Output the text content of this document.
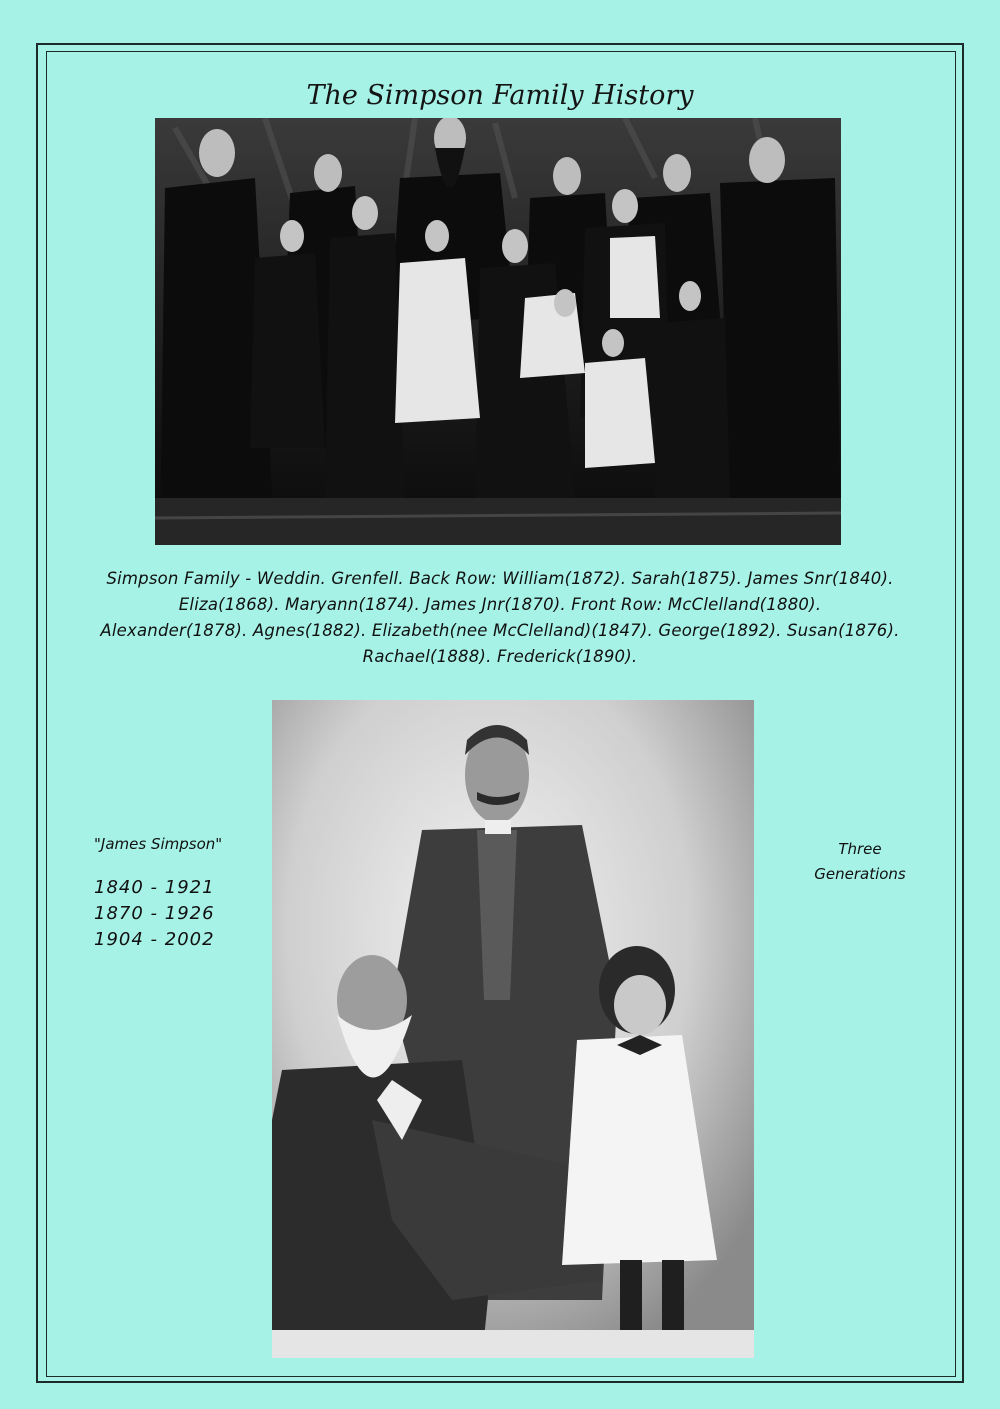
The Simpson Family History
Simpson Family - Weddin. Grenfell. Back Row: William(1872). Sarah(1875). James Snr(1840).
Eliza(1868). Maryann(1874). James Jnr(1870). Front Row: McClelland(1880).
Alexander(1878). Agnes(1882). Elizabeth(nee McClelland)(1847). George(1892). Susan(1876).
Rachael(1888). Frederick(1890).
"James Simpson"
1840 - 1921
1870 - 1926
1904 - 2002
Three
Generations
